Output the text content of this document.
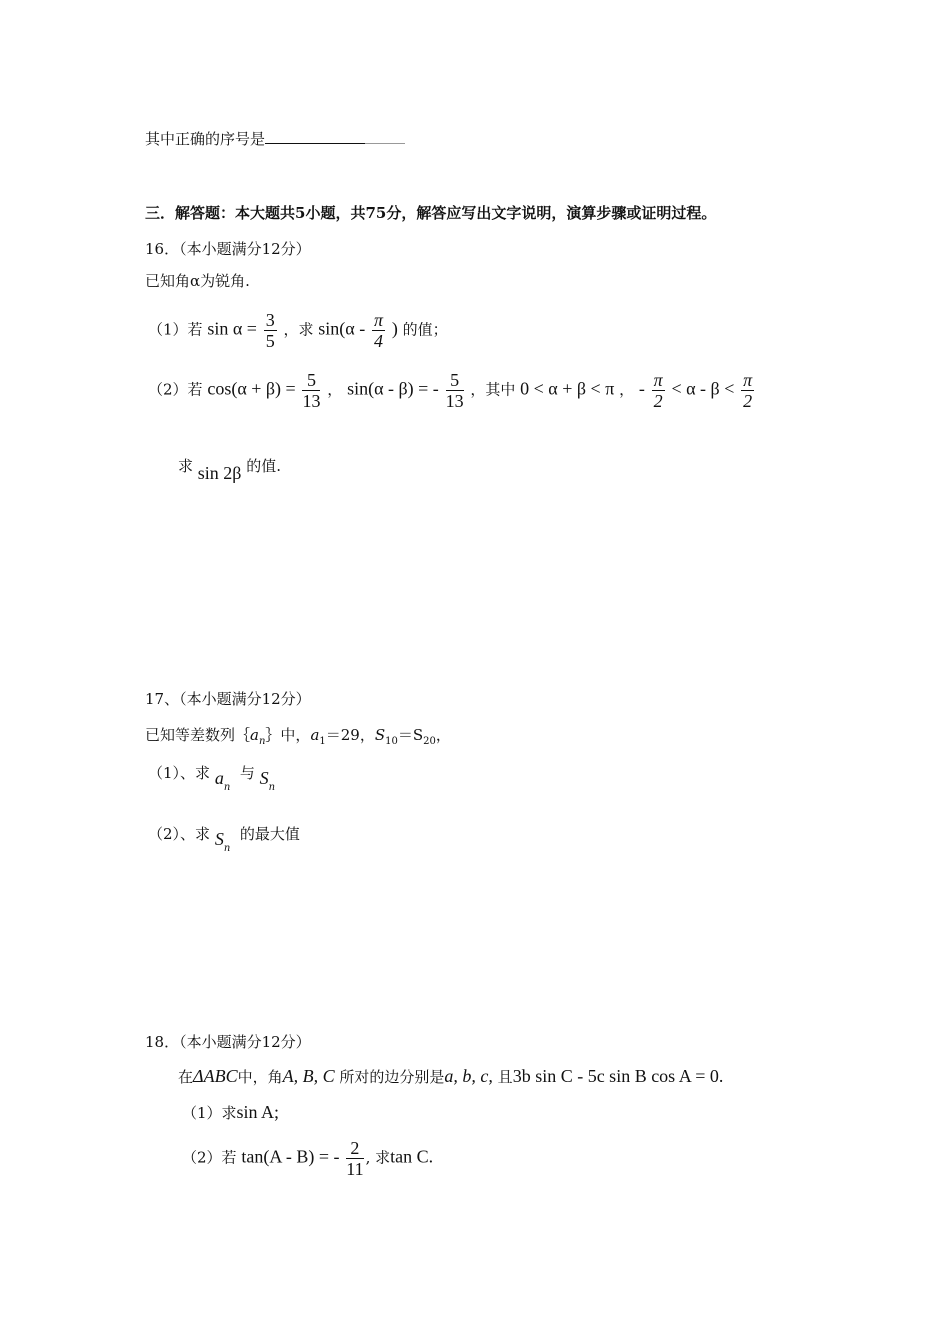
其中正确的序号是
三．解答题：本大题共5小题，共75分，解答应写出文字说明，演算步骤或证明过程。
16．（本小题满分12分）
已知角α为锐角.
（1）若 $\sin \alpha = \frac{3}{5}$ ，求 $\sin(\alpha - \frac{\pi}{4}$ ) 的值；
（2）若 $\cos(\alpha + \beta) = \frac{5}{13}$ ， sin(α - β) = - $\frac{5}{13}$ ，其中 0 < α + β < π ， - $\frac{\pi}{2} < \alpha - \beta < \frac{\pi}{2}$
求 sin 2β 的值.
17、（本小题满分12分）
已知等差数列$\{a_n\}$中，$a_1=29$，$S_{10}=S_{20}$，
（1）、求 $a_n$  与 $S_n$
（2）、求 $S_n$  的最大值
18．（本小题满分12分）
在ΔABC中，角A, B, C 所对的边分别是a, b, c, 且3b sin C - 5c sin B cos A = 0.
（1）求sin A;
（2）若 tan(A - B) = - $\frac{2}{11}$ , 求tan C.
